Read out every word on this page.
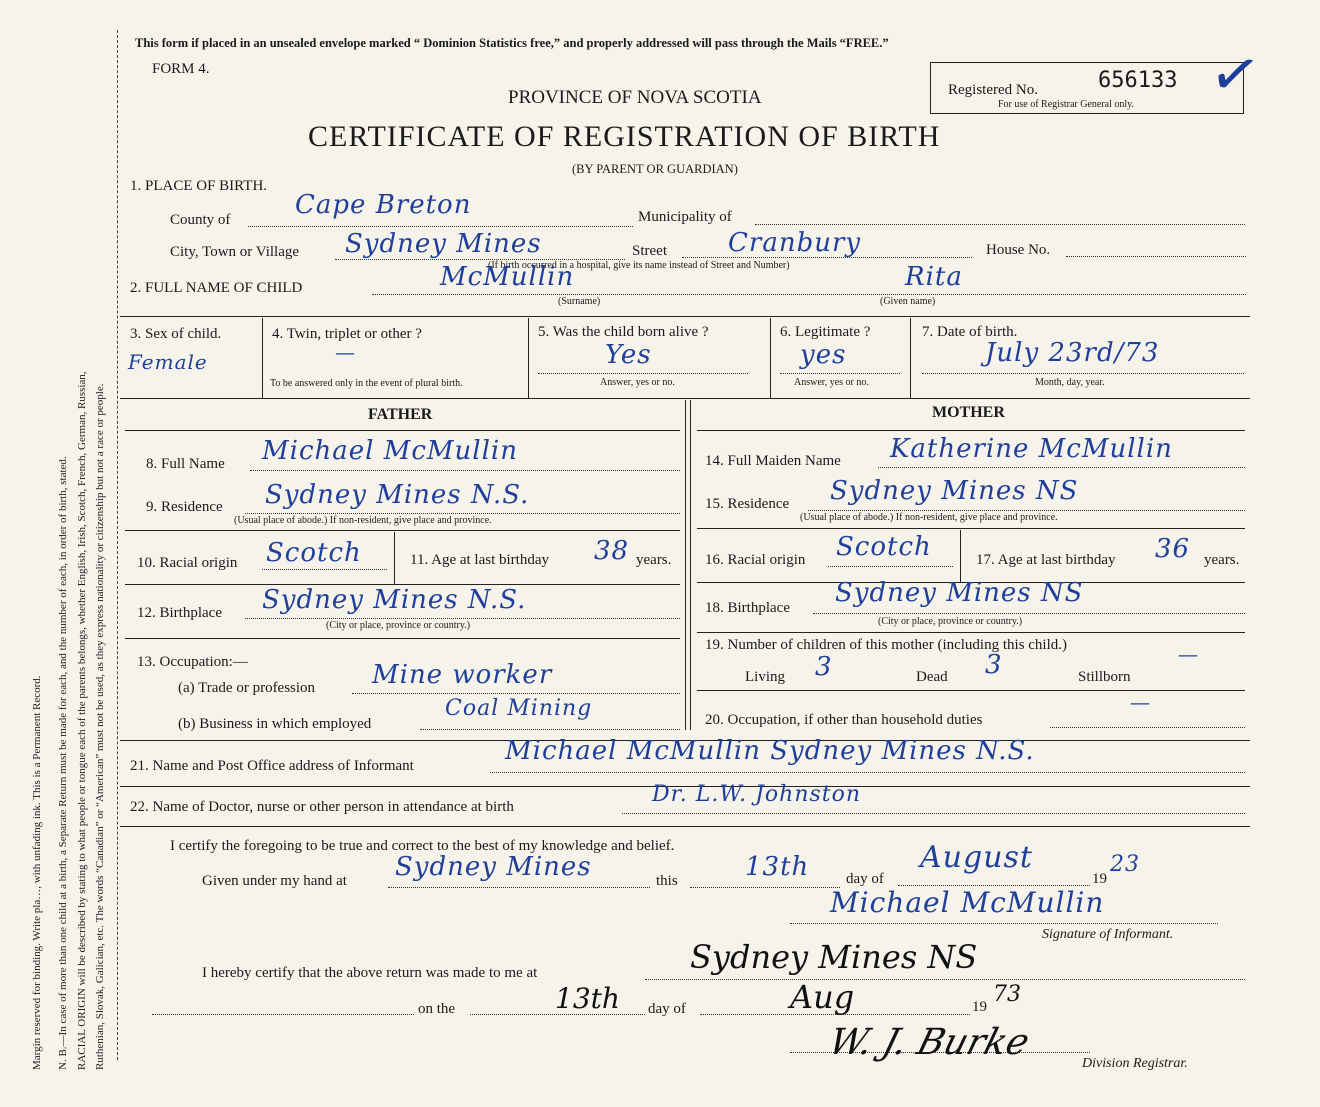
Margin reserved for binding. Write pla…, with unfading ink. This is a Permanent Record. N. B.—In case of more than one child at a birth, a Separate Return must be made for each, and the number of each, in order of birth, stated. RACIAL ORIGIN will be described by stating to what people or tongue each of the parents belongs, whether English, Irish, Scotch, French, German, Russian, Ruthenian, Slovak, Galician, etc. The words “Canadian” or “American” must not be used, as they express nationality or citizenship but not a race or people.
This form if placed in an unsealed envelope marked “ Dominion Statistics free,” and properly addressed will pass through the Mails “FREE.”
FORM 4.
Registered No.	656133
For use of Registrar General only. ✓
PROVINCE OF NOVA SCOTIA
CERTIFICATE OF REGISTRATION OF BIRTH
(BY PARENT OR GUARDIAN)
1. PLACE OF BIRTH.
County of Cape Breton	Municipality of
City, Town or Village Sydney Mines	Street Cranbury	House No.
(If birth occurred in a hospital, give its name instead of Street and Number)
2. FULL NAME OF CHILD	McMullin	Rita
(Surname)	(Given name)
3. Sex of child.
Female
4. Twin, triplet or other ?
—
To be answered only in the event of plural birth.
5. Was the child born alive ?
Yes
Answer, yes or no.
6. Legitimate ?
yes
Answer, yes or no.
7. Date of birth.
July 23rd/73
Month, day, year.
FATHER	MOTHER
8. Full Name Michael McMullin
9. Residence Sydney Mines N.S.
(Usual place of abode.) If non-resident, give place and province.
10. Racial origin Scotch	11. Age at last birthday 38 years.
12. Birthplace Sydney Mines N.S.
(City or place, province or country.)
13. Occupation:—
(a) Trade or profession Mine worker
(b) Business in which employed
Coal Mining
14. Full Maiden Name Katherine McMullin
15. Residence Sydney Mines NS
(Usual place of abode.) If non-resident, give place and province.
16. Racial origin Scotch	17. Age at last birthday 36 years.
18. Birthplace Sydney Mines NS
(City or place, province or country.)
19. Number of children of this mother (including this child.)
Living 3	Dead 3	Stillborn
—
20. Occupation, if other than household duties
—
21. Name and Post Office address of Informant	Michael McMullin Sydney Mines N.S.
22. Name of Doctor, nurse or other person in attendance at birth	Dr. L.W. Johnston
I certify the foregoing to be true and correct to the best of my knowledge and belief.
Given under my hand at Sydney Mines	this	13th day of
August
19
23
Michael McMullin
Signature of Informant.
I hereby certify that the above return was made to me at	Sydney Mines NS
on the	13th day of	Aug	19 73
W. J. Burke
Division Registrar.
